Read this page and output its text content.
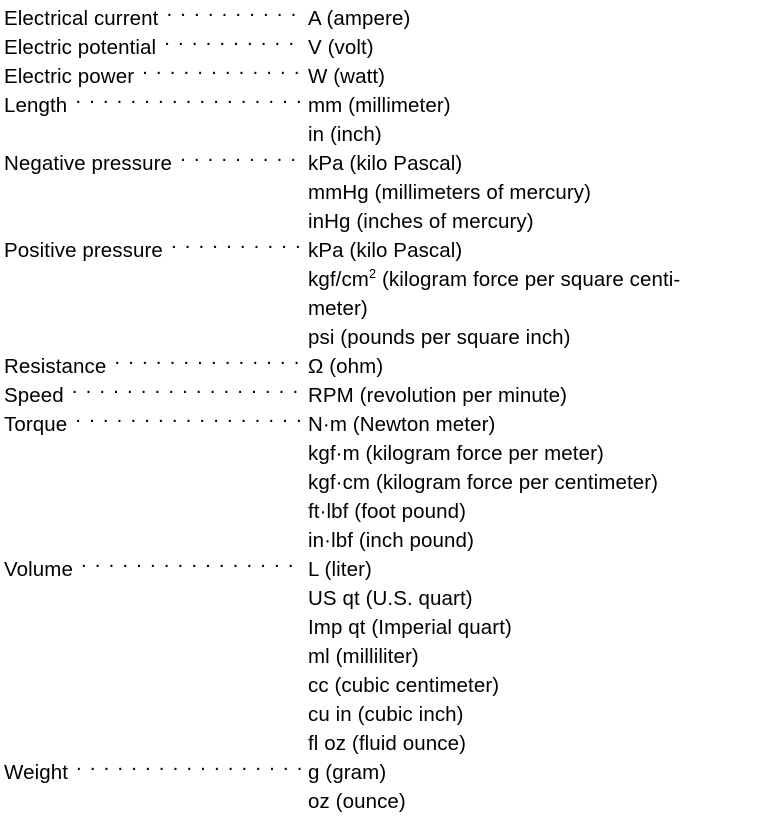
Electrical current
. . .	A (ampere)

Electric potential
. . .	V (volt)

Electric power
. . .	W (watt)

Length
. . .	mm (millimeter)
in (inch)

Negative pressure
. . .	kPa (kilo Pascal)
mmHg (millimeters of mercury)
inHg (inches of mercury)

Positive pressure
. . .	kPa (kilo Pascal)
kgf/$cm^2$ (kilogram force per square centi-
meter)
psi (pounds per square inch)

Resistance
. . .	Ω (ohm)

Speed
. . .	RPM (revolution per minute)

Torque
. . .	N·m (Newton meter)
kgf·m (kilogram force per meter)
kgf·cm (kilogram force per centimeter)
ft·lbf (foot pound)
in·lbf (inch pound)

Volume
. . .	L (liter)
US qt (U.S. quart)
Imp qt (Imperial quart)
ml (milliliter)
cc (cubic centimeter)
cu in (cubic inch)
fl oz (fluid ounce)

Weight
. . .	g (gram)
oz (ounce)
